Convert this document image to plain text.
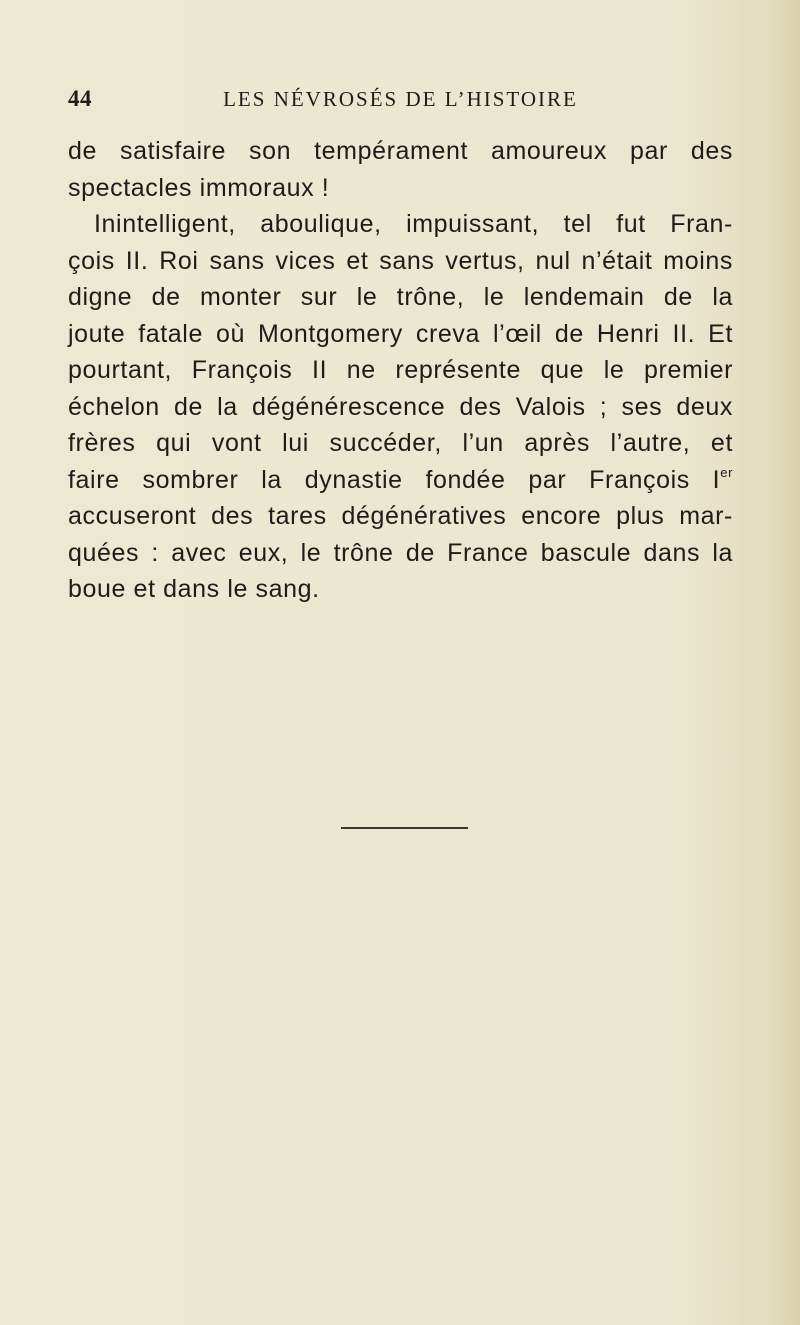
44	LES NÉVROSÉS DE L’HISTOIRE
de satisfaire son tempérament amoureux par des
spectacles immoraux !
Inintelligent, aboulique, impuissant, tel fut Fran-
çois II. Roi sans vices et sans vertus, nul n’était moins
digne de monter sur le trône, le lendemain de la
joute fatale où Montgomery creva l’œil de Henri II. Et
pourtant, François II ne représente que le premier
échelon de la dégénérescence des Valois ; ses deux
frères qui vont lui succéder, l’un après l’autre, et
faire sombrer la dynastie fondée par François Ier
accuseront des tares dégénératives encore plus mar-
quées : avec eux, le trône de France bascule dans la
boue et dans le sang.
